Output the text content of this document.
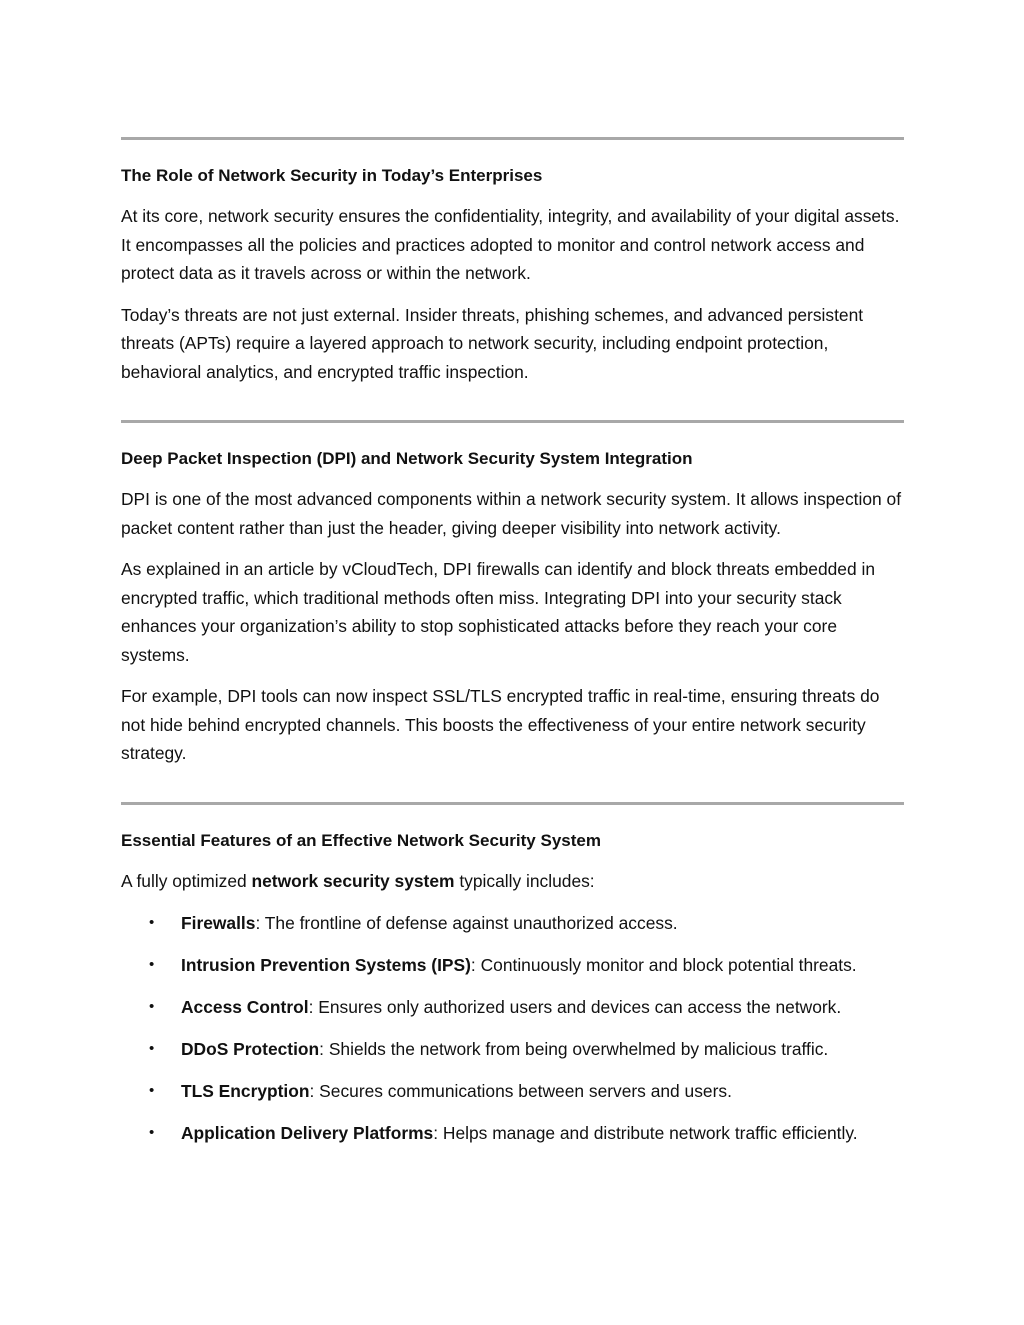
The Role of Network Security in Today’s Enterprises

At its core, network security ensures the confidentiality, integrity, and availability of your digital assets. It encompasses all the policies and practices adopted to monitor and control network access and protect data as it travels across or within the network.

Today’s threats are not just external. Insider threats, phishing schemes, and advanced persistent threats (APTs) require a layered approach to network security, including endpoint protection, behavioral analytics, and encrypted traffic inspection.

Deep Packet Inspection (DPI) and Network Security System Integration

DPI is one of the most advanced components within a network security system. It allows inspection of packet content rather than just the header, giving deeper visibility into network activity.

As explained in an article by vCloudTech, DPI firewalls can identify and block threats embedded in encrypted traffic, which traditional methods often miss. Integrating DPI into your security stack enhances your organization’s ability to stop sophisticated attacks before they reach your core systems.

For example, DPI tools can now inspect SSL/TLS encrypted traffic in real-time, ensuring threats do not hide behind encrypted channels. This boosts the effectiveness of your entire network security strategy.

Essential Features of an Effective Network Security System

A fully optimized network security system typically includes:

• Firewalls: The frontline of defense against unauthorized access.
• Intrusion Prevention Systems (IPS): Continuously monitor and block potential threats.
• Access Control: Ensures only authorized users and devices can access the network.
• DDoS Protection: Shields the network from being overwhelmed by malicious traffic.
• TLS Encryption: Secures communications between servers and users.
• Application Delivery Platforms: Helps manage and distribute network traffic efficiently.
